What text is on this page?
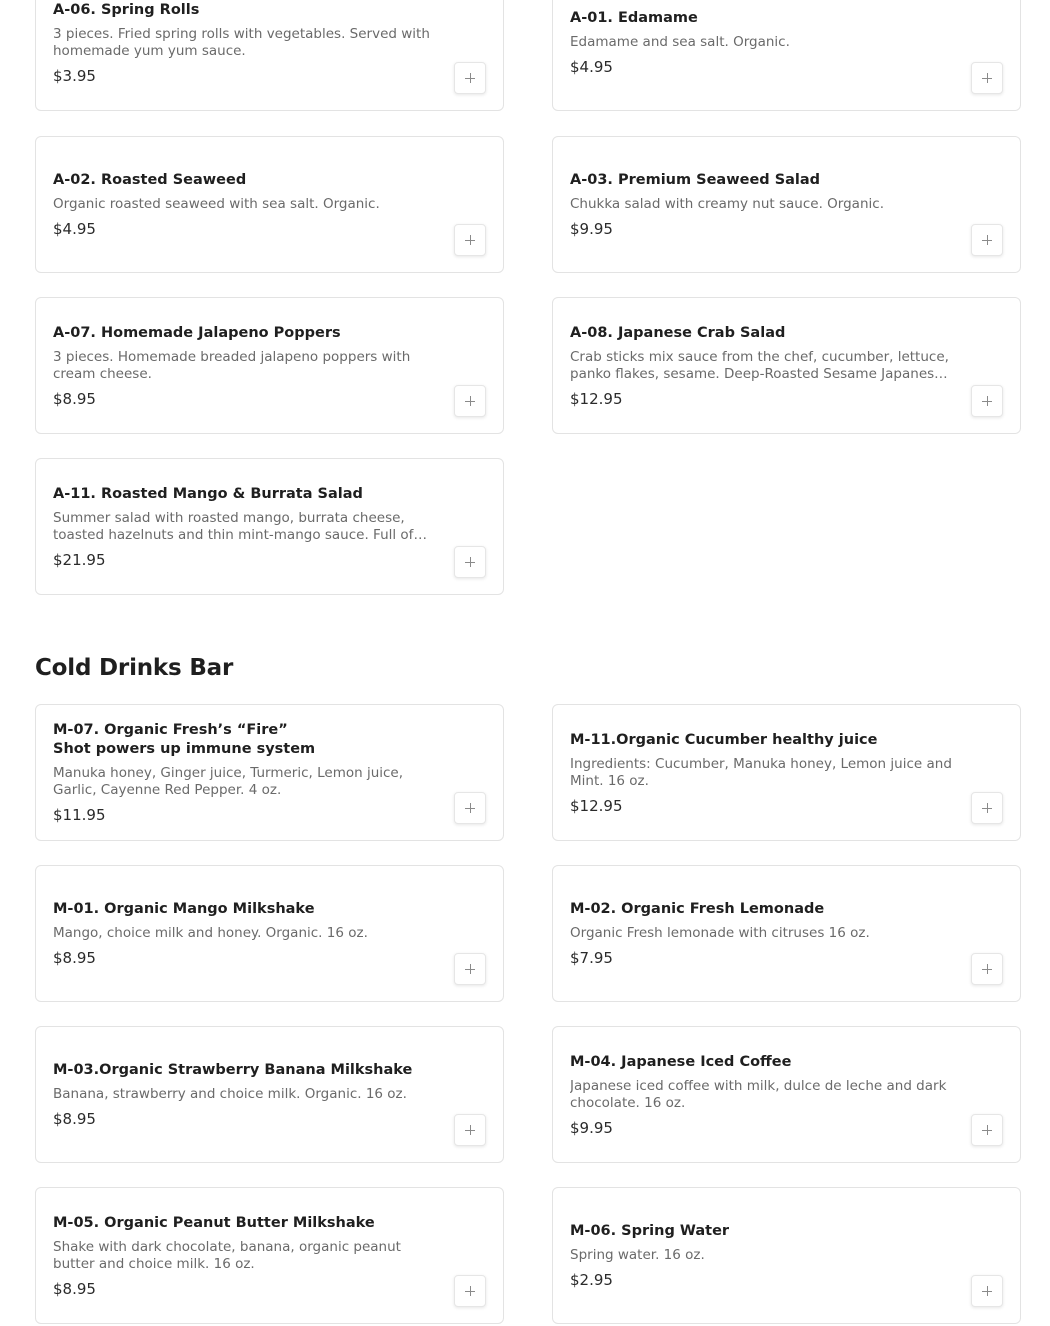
A-06. Spring Rolls
3 pieces. Fried spring rolls with vegetables. Served with homemade yum yum sauce.
$3.95
A-01. Edamame
Edamame and sea salt. Organic.
$4.95
A-02. Roasted Seaweed
Organic roasted seaweed with sea salt. Organic.
$4.95
A-03. Premium Seaweed Salad
Chukka salad with creamy nut sauce. Organic.
$9.95
A-07. Homemade Jalapeno Poppers
3 pieces. Homemade breaded jalapeno poppers with cream cheese.
$8.95
A-08. Japanese Crab Salad
Crab sticks mix sauce from the chef, cucumber, lettuce, panko flakes, sesame. Deep-Roasted Sesame Japanese
$12.95
A-11. Roasted Mango & Burrata Salad
Summer salad with roasted mango, burrata cheese, toasted hazelnuts and thin mint-mango sauce. Full of
$21.95
Cold Drinks Bar
M-07. Organic Fresh’s “Fire”
Shot powers up immune system
Manuka honey, Ginger juice, Turmeric, Lemon juice, Garlic, Cayenne Red Pepper. 4 oz.
$11.95
M-11.Organic Cucumber healthy juice
Ingredients: Cucumber, Manuka honey, Lemon juice and Mint. 16 oz.
$12.95
M-01. Organic Mango Milkshake
Mango, choice milk and honey. Organic. 16 oz.
$8.95
M-02. Organic Fresh Lemonade
Organic Fresh lemonade with citruses 16 oz.
$7.95
M-03.Organic Strawberry Banana Milkshake
Banana, strawberry and choice milk. Organic. 16 oz.
$8.95
M-04. Japanese Iced Coffee
Japanese iced coffee with milk, dulce de leche and dark chocolate. 16 oz.
$9.95
M-05. Organic Peanut Butter Milkshake
Shake with dark chocolate, banana, organic peanut butter and choice milk. 16 oz.
$8.95
M-06. Spring Water
Spring water. 16 oz.
$2.95
